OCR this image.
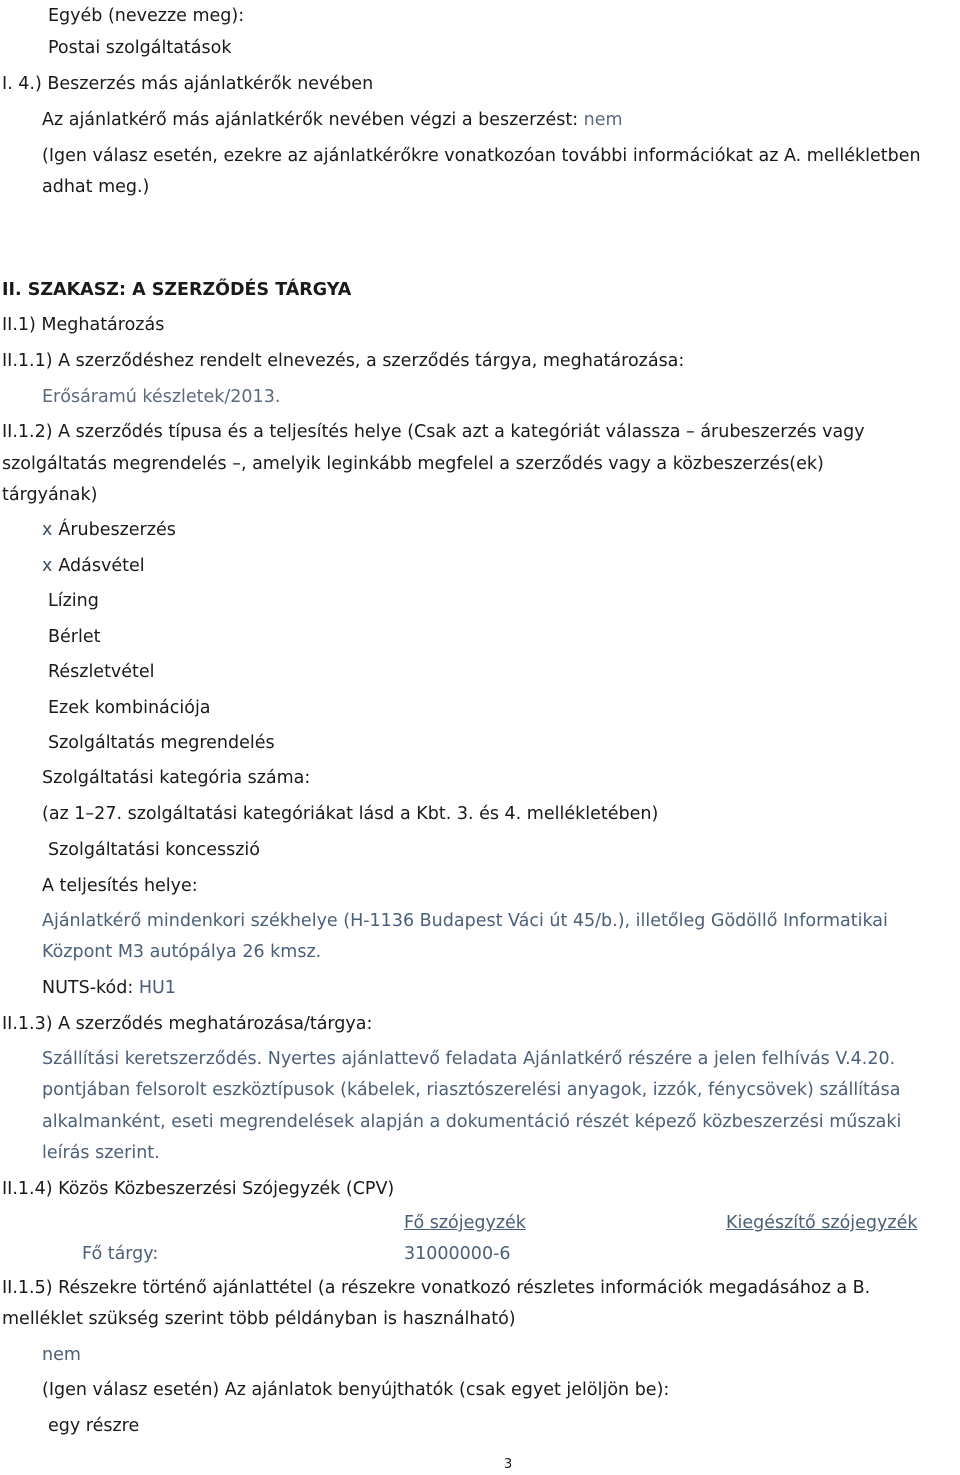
Egyéb (nevezze meg):
Postai szolgáltatások
I. 4.) Beszerzés más ajánlatkérők nevében
Az ajánlatkérő más ajánlatkérők nevében végzi a beszerzést: nem
(Igen válasz esetén, ezekre az ajánlatkérőkre vonatkozóan további információkat az A. mellékletben
adhat meg.)
II. SZAKASZ: A SZERZŐDÉS TÁRGYA
II.1) Meghatározás
II.1.1) A szerződéshez rendelt elnevezés, a szerződés tárgya, meghatározása:
Erősáramú készletek/2013.
II.1.2) A szerződés típusa és a teljesítés helye (Csak azt a kategóriát válassza – árubeszerzés vagy
szolgáltatás megrendelés –, amelyik leginkább megfelel a szerződés vagy a közbeszerzés(ek)
tárgyának)
x Árubeszerzés
x Adásvétel
Lízing
Bérlet
Részletvétel
Ezek kombinációja
Szolgáltatás megrendelés
Szolgáltatási kategória száma:
(az 1–27. szolgáltatási kategóriákat lásd a Kbt. 3. és 4. mellékletében)
Szolgáltatási koncesszió
A teljesítés helye:
Ajánlatkérő mindenkori székhelye (H-1136 Budapest Váci út 45/b.), illetőleg Gödöllő Informatikai
Központ M3 autópálya 26 kmsz.
NUTS-kód: HU1
II.1.3) A szerződés meghatározása/tárgya:
Szállítási keretszerződés. Nyertes ajánlattevő feladata Ajánlatkérő részére a jelen felhívás V.4.20.
pontjában felsorolt eszköztípusok (kábelek, riasztószerelési anyagok, izzók, fénycsövek) szállítása
alkalmanként, eseti megrendelések alapján a dokumentáció részét képező közbeszerzési műszaki
leírás szerint.
II.1.4) Közös Közbeszerzési Szójegyzék (CPV)
Fő szójegyzék	Kiegészítő szójegyzék
Fő tárgy:	31000000-6
II.1.5) Részekre történő ajánlattétel (a részekre vonatkozó részletes információk megadásához a B.
melléklet szükség szerint több példányban is használható)
nem
(Igen válasz esetén) Az ajánlatok benyújthatók (csak egyet jelöljön be):
egy részre
3
